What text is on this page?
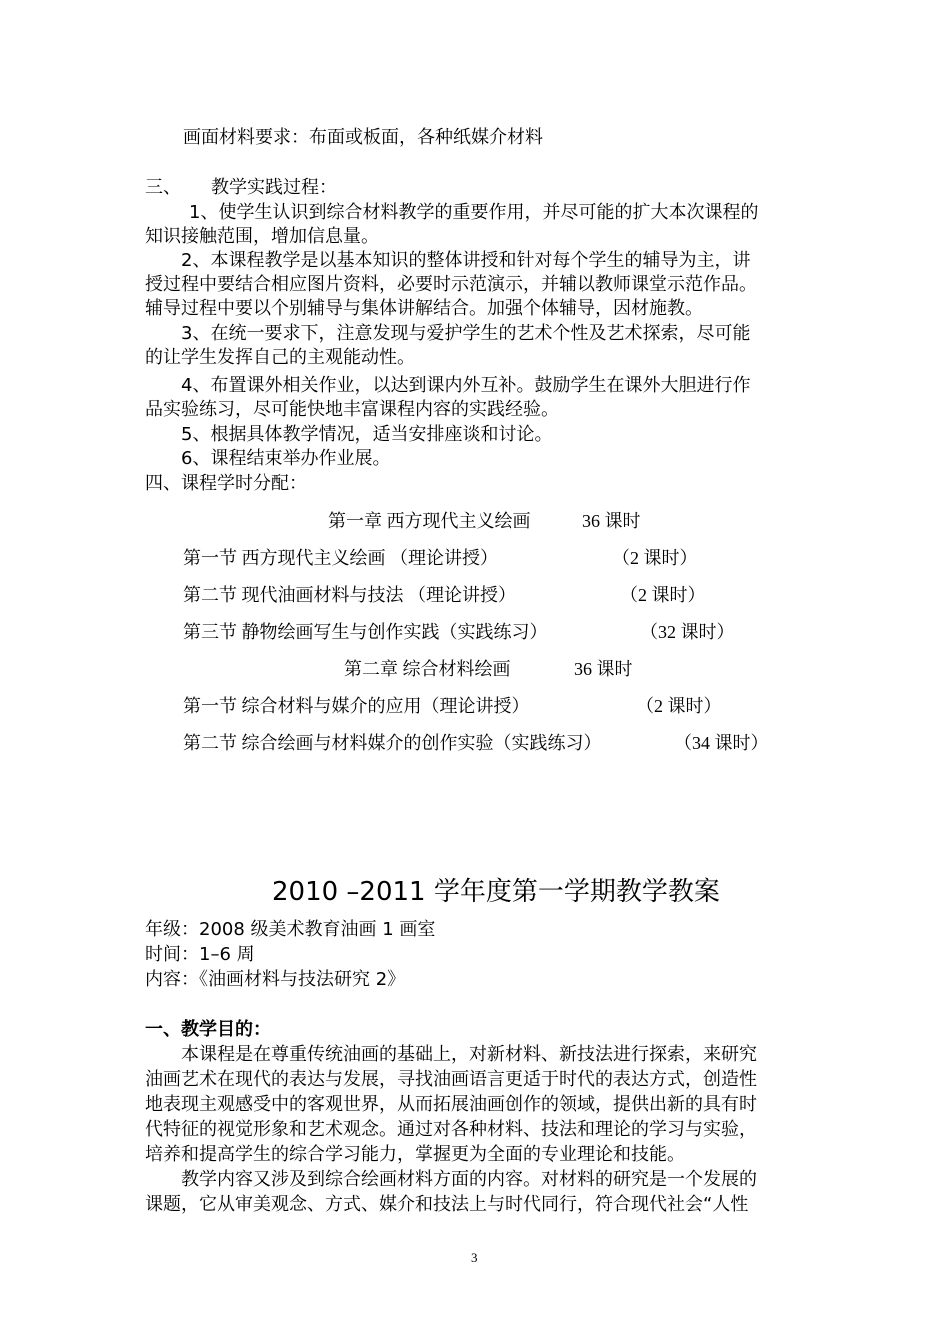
画面材料要求：布面或板面，各种纸媒介材料
三、 教学实践过程：
1、使学生认识到综合材料教学的重要作用，并尽可能的扩大本次课程的
知识接触范围，增加信息量。
2、本课程教学是以基本知识的整体讲授和针对每个学生的辅导为主，讲
授过程中要结合相应图片资料，必要时示范演示，并辅以教师课堂示范作品。
辅导过程中要以个别辅导与集体讲解结合。加强个体辅导，因材施教。
3、在统一要求下，注意发现与爱护学生的艺术个性及艺术探索，尽可能
的让学生发挥自己的主观能动性。
4、布置课外相关作业，以达到课内外互补。鼓励学生在课外大胆进行作
品实验练习，尽可能快地丰富课程内容的实践经验。
5、根据具体教学情况，适当安排座谈和讨论。
6、课程结束举办作业展。
四、课程学时分配：
第一章 西方现代主义绘画	36 课时
第一节 西方现代主义绘画 （理论讲授）	（2 课时）
第二节 现代油画材料与技法 （理论讲授）	（2 课时）
第三节 静物绘画写生与创作实践（实践练习）	（32 课时）
第二章 综合材料绘画	36 课时
第一节 综合材料与媒介的应用（理论讲授）	（2 课时）
第二节 综合绘画与材料媒介的创作实验（实践练习）	（34 课时）
2010 –2011 学年度第一学期教学教案
年级：2008 级美术教育油画 1 画室
时间：1–6 周
内容：《油画材料与技法研究 2》
一、教学目的：
本课程是在尊重传统油画的基础上，对新材料、新技法进行探索，来研究
油画艺术在现代的表达与发展，寻找油画语言更适于时代的表达方式，创造性
地表现主观感受中的客观世界，从而拓展油画创作的领域，提供出新的具有时
代特征的视觉形象和艺术观念。通过对各种材料、技法和理论的学习与实验，
培养和提高学生的综合学习能力，掌握更为全面的专业理论和技能。
教学内容又涉及到综合绘画材料方面的内容。对材料的研究是一个发展的
课题，它从审美观念、方式、媒介和技法上与时代同行，符合现代社会“人性
3
